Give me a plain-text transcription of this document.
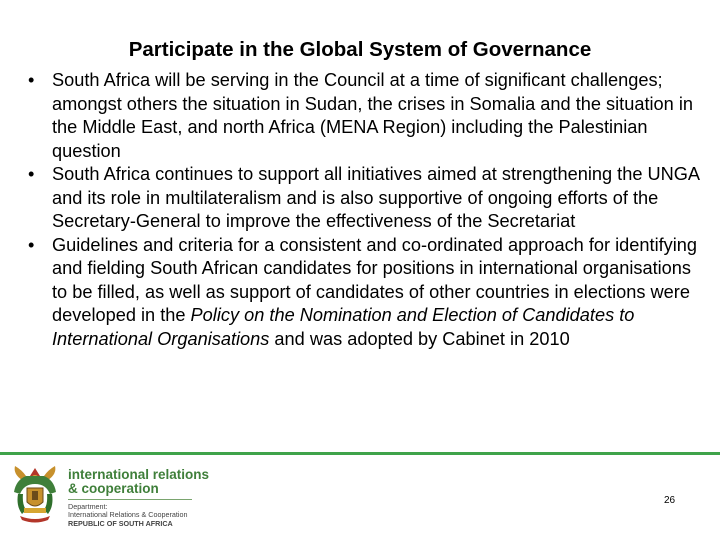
Participate in the Global System of Governance
• South Africa will be serving in the Council at a time of significant challenges; amongst others the situation in Sudan, the crises in Somalia and the situation in the Middle East, and north Africa (MENA Region) including the Palestinian question
• South Africa continues to support all initiatives aimed at strengthening the UNGA and its role in multilateralism and is also supportive of ongoing efforts of the Secretary-General to improve the effectiveness of the Secretariat
• Guidelines and criteria for a consistent and co-ordinated approach for identifying and fielding South African candidates for positions in international organisations to be filled, as well as support of candidates of other countries in elections were developed in the Policy on the Nomination and Election of Candidates to International Organisations and was adopted by Cabinet in 2010
international relations
& cooperation
Department:
International Relations & Cooperation
REPUBLIC OF SOUTH AFRICA
26
